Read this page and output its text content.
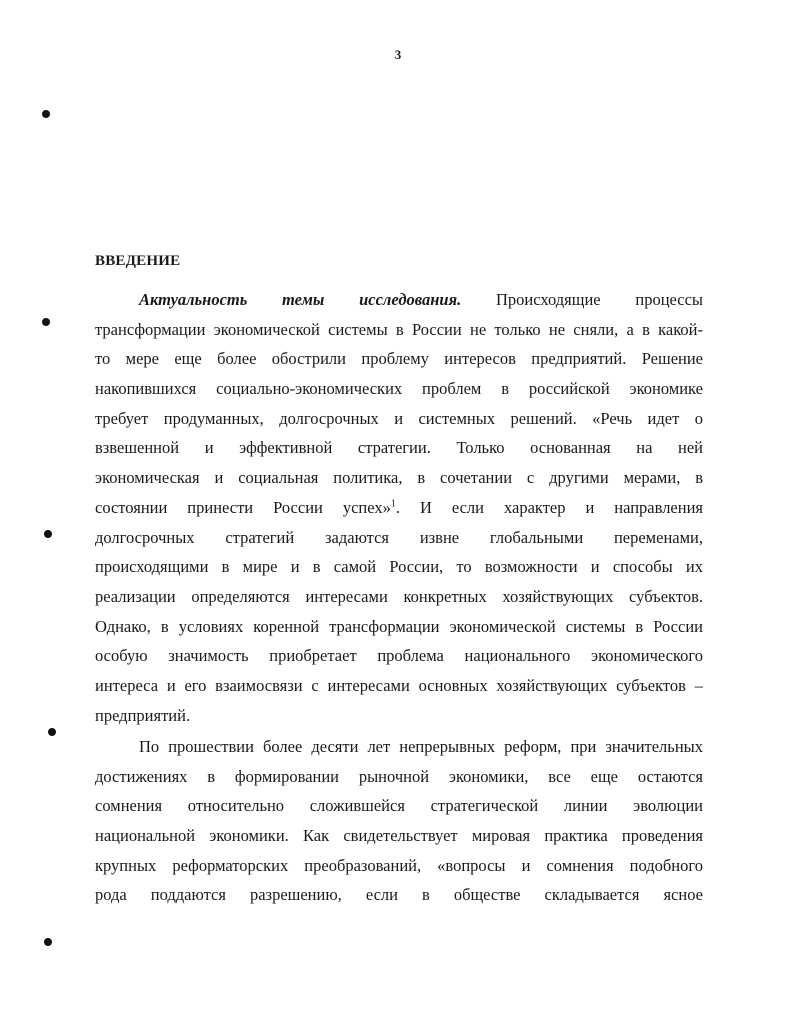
3
ВВЕДЕНИЕ
Актуальность темы исследования. Происходящие процессы
трансформации экономической системы в России не только не сняли, а в какой-
то мере еще более обострили проблему интересов предприятий. Решение
накопившихся социально-экономических проблем в российской экономике
требует продуманных, долгосрочных и системных решений. «Речь идет о
взвешенной и эффективной стратегии. Только основанная на ней
экономическая и социальная политика, в сочетании с другими мерами, в
состоянии принести России успех»$^1$. И если характер и направления
долгосрочных стратегий задаются извне глобальными переменами,
происходящими в мире и в самой России, то возможности и способы их
реализации определяются интересами конкретных хозяйствующих субъектов.
Однако, в условиях коренной трансформации экономической системы в России
особую значимость приобретает проблема национального экономического
интереса и его взаимосвязи с интересами основных хозяйствующих субъектов –
предприятий.
По прошествии более десяти лет непрерывных реформ, при значительных
достижениях в формировании рыночной экономики, все еще остаются
сомнения относительно сложившейся стратегической линии эволюции
национальной экономики. Как свидетельствует мировая практика проведения
крупных реформаторских преобразований, «вопросы и сомнения подобного
рода поддаются разрешению, если в обществе складывается ясное
